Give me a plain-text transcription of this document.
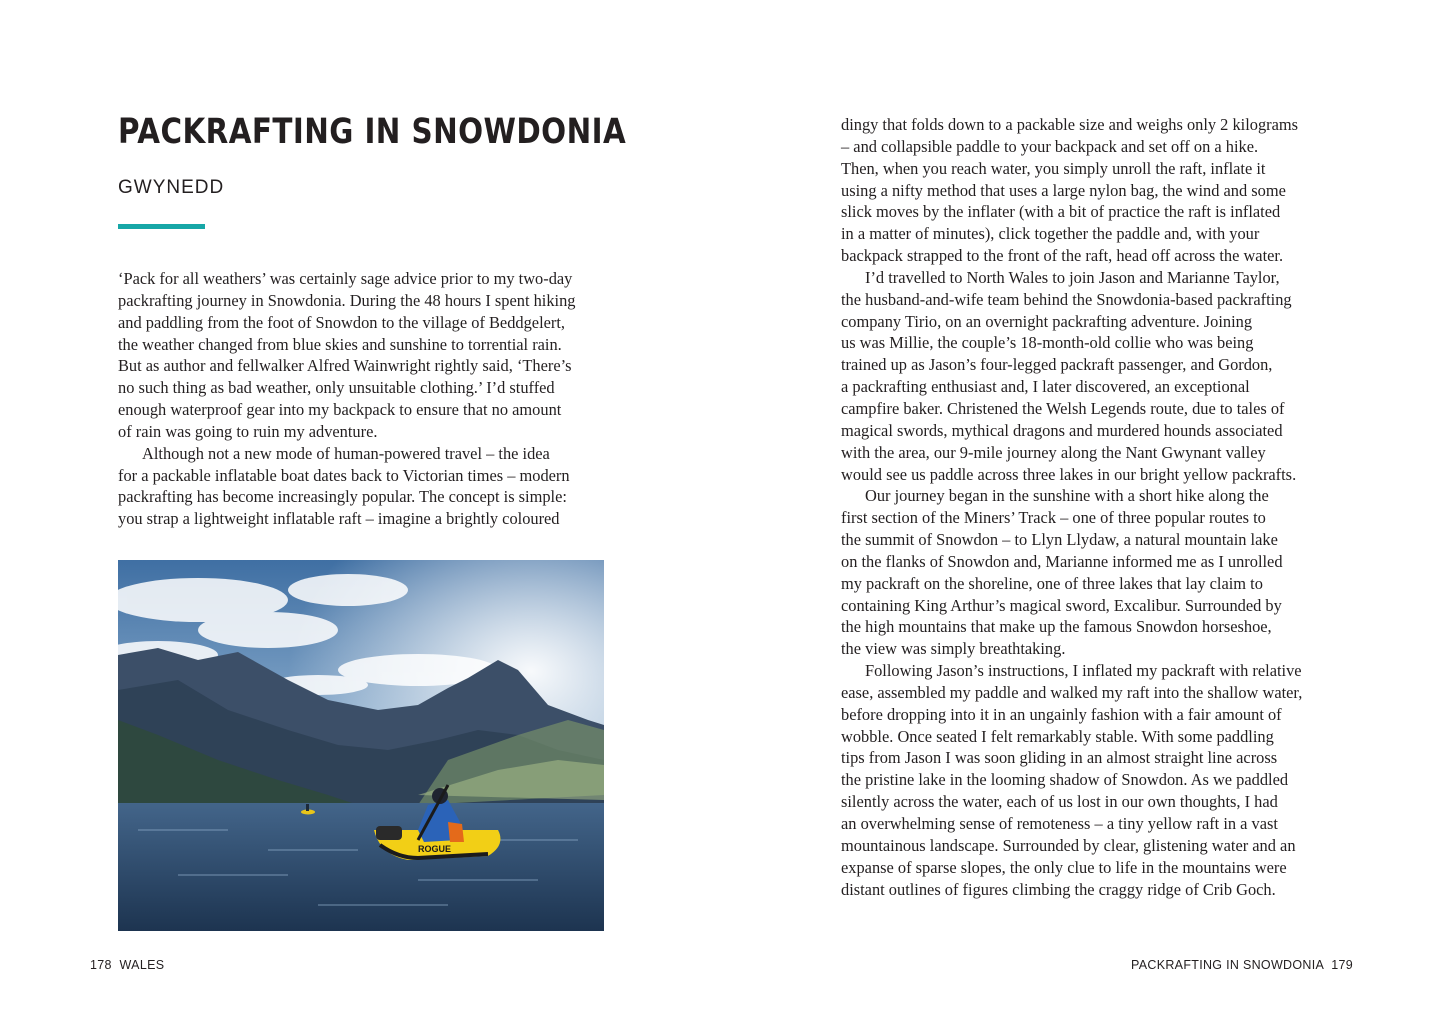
PACKRAFTING IN SNOWDONIA
GWYNEDD

‘Pack for all weathers’ was certainly sage advice prior to my two-day

packrafting journey in Snowdonia. During the 48 hours I spent hiking

and paddling from the foot of Snowdon to the village of Beddgelert,

the weather changed from blue skies and sunshine to torrential rain.

But as author and fellwalker Alfred Wainwright rightly said, ‘There’s

no such thing as bad weather, only unsuitable clothing.’ I’d stuffed

enough waterproof gear into my backpack to ensure that no amount

of rain was going to ruin my adventure.

Although not a new mode of human-powered travel – the idea

for a packable inflatable boat dates back to Victorian times – modern

packrafting has become increasingly popular. The concept is simple:

you strap a lightweight inflatable raft – imagine a brightly coloured

ROGUE
178 WALES

dingy that folds down to a packable size and weighs only 2 kilograms

– and collapsible paddle to your backpack and set off on a hike.

Then, when you reach water, you simply unroll the raft, inflate it

using a nifty method that uses a large nylon bag, the wind and some

slick moves by the inflater (with a bit of practice the raft is inflated

in a matter of minutes), click together the paddle and, with your

backpack strapped to the front of the raft, head off across the water.

I’d travelled to North Wales to join Jason and Marianne Taylor,

the husband-and-wife team behind the Snowdonia-based packrafting

company Tirio, on an overnight packrafting adventure. Joining

us was Millie, the couple’s 18-month-old collie who was being

trained up as Jason’s four-legged packraft passenger, and Gordon,

a packrafting enthusiast and, I later discovered, an exceptional

campfire baker. Christened the Welsh Legends route, due to tales of

magical swords, mythical dragons and murdered hounds associated

with the area, our 9-mile journey along the Nant Gwynant valley

would see us paddle across three lakes in our bright yellow packrafts.

Our journey began in the sunshine with a short hike along the

first section of the Miners’ Track – one of three popular routes to

the summit of Snowdon – to Llyn Llydaw, a natural mountain lake

on the flanks of Snowdon and, Marianne informed me as I unrolled

my packraft on the shoreline, one of three lakes that lay claim to

containing King Arthur’s magical sword, Excalibur. Surrounded by

the high mountains that make up the famous Snowdon horseshoe,

the view was simply breathtaking.

Following Jason’s instructions, I inflated my packraft with relative

ease, assembled my paddle and walked my raft into the shallow water,

before dropping into it in an ungainly fashion with a fair amount of

wobble. Once seated I felt remarkably stable. With some paddling

tips from Jason I was soon gliding in an almost straight line across

the pristine lake in the looming shadow of Snowdon. As we paddled

silently across the water, each of us lost in our own thoughts, I had

an overwhelming sense of remoteness – a tiny yellow raft in a vast

mountainous landscape. Surrounded by clear, glistening water and an

expanse of sparse slopes, the only clue to life in the mountains were

distant outlines of figures climbing the craggy ridge of Crib Goch.

PACKRAFTING IN SNOWDONIA 179
